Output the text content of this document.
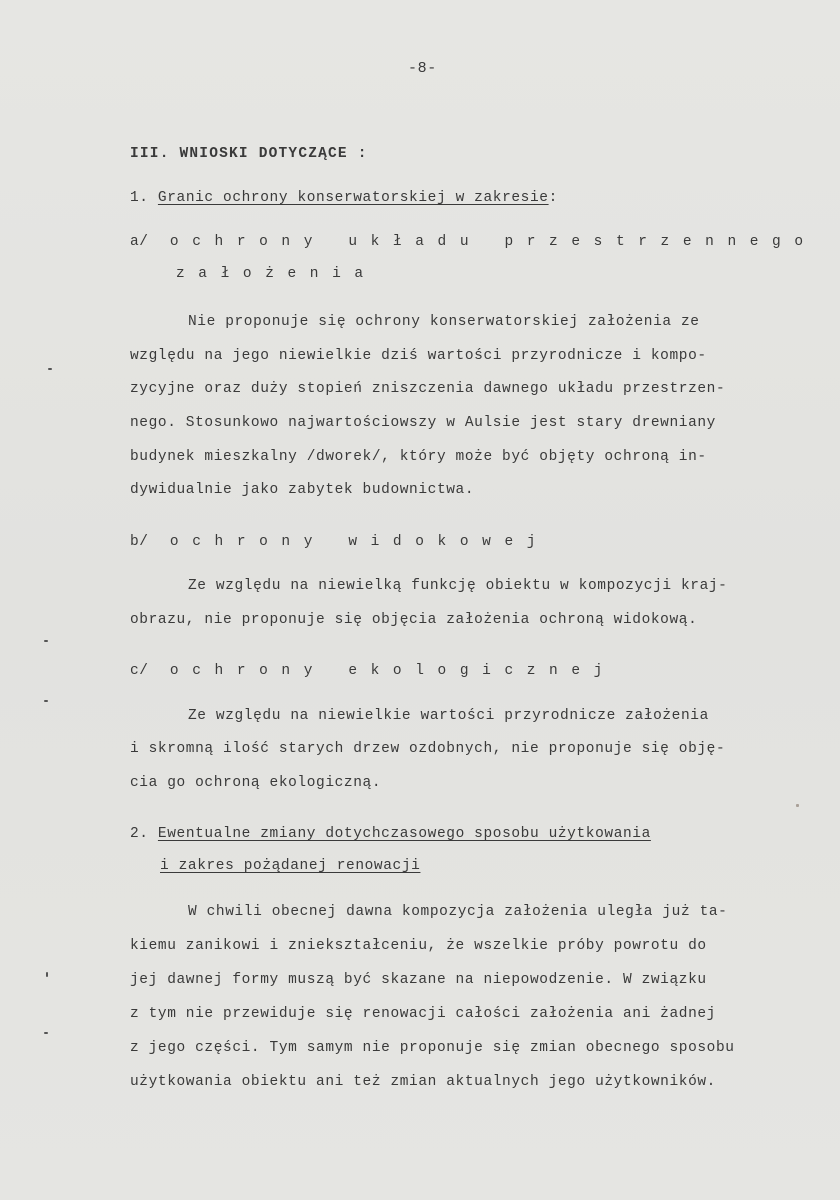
-8-
III. WNIOSKI DOTYCZĄCE :
1. Granic ochrony konserwatorskiej w zakresie:
a/ ochrony układu przestrzennego
założenia
Nie proponuje się ochrony konserwatorskiej założenia ze
względu na jego niewielkie dziś wartości przyrodnicze i kompo-
zycyjne oraz duży stopień zniszczenia dawnego układu przestrzen-
nego. Stosunkowo najwartościowszy w Aulsie jest stary drewniany
budynek mieszkalny /dworek/, który może być objęty ochroną in-
dywidualnie jako zabytek budownictwa.
b/ ochrony widokowej
Ze względu na niewielką funkcję obiektu w kompozycji kraj-
obrazu, nie proponuje się objęcia założenia ochroną widokową.
c/ ochrony ekologicznej
Ze względu na niewielkie wartości przyrodnicze założenia
i skromną ilość starych drzew ozdobnych, nie proponuje się obję-
cia go ochroną ekologiczną.
2. Ewentualne zmiany dotychczasowego sposobu użytkowania
i zakres pożądanej renowacji
W chwili obecnej dawna kompozycja założenia uległa już ta-
kiemu zanikowi i zniekształceniu, że wszelkie próby powrotu do
jej dawnej formy muszą być skazane na niepowodzenie. W związku
z tym nie przewiduje się renowacji całości założenia ani żadnej
z jego części. Tym samym nie proponuje się zmian obecnego sposobu
użytkowania obiektu ani też zmian aktualnych jego użytkowników.
